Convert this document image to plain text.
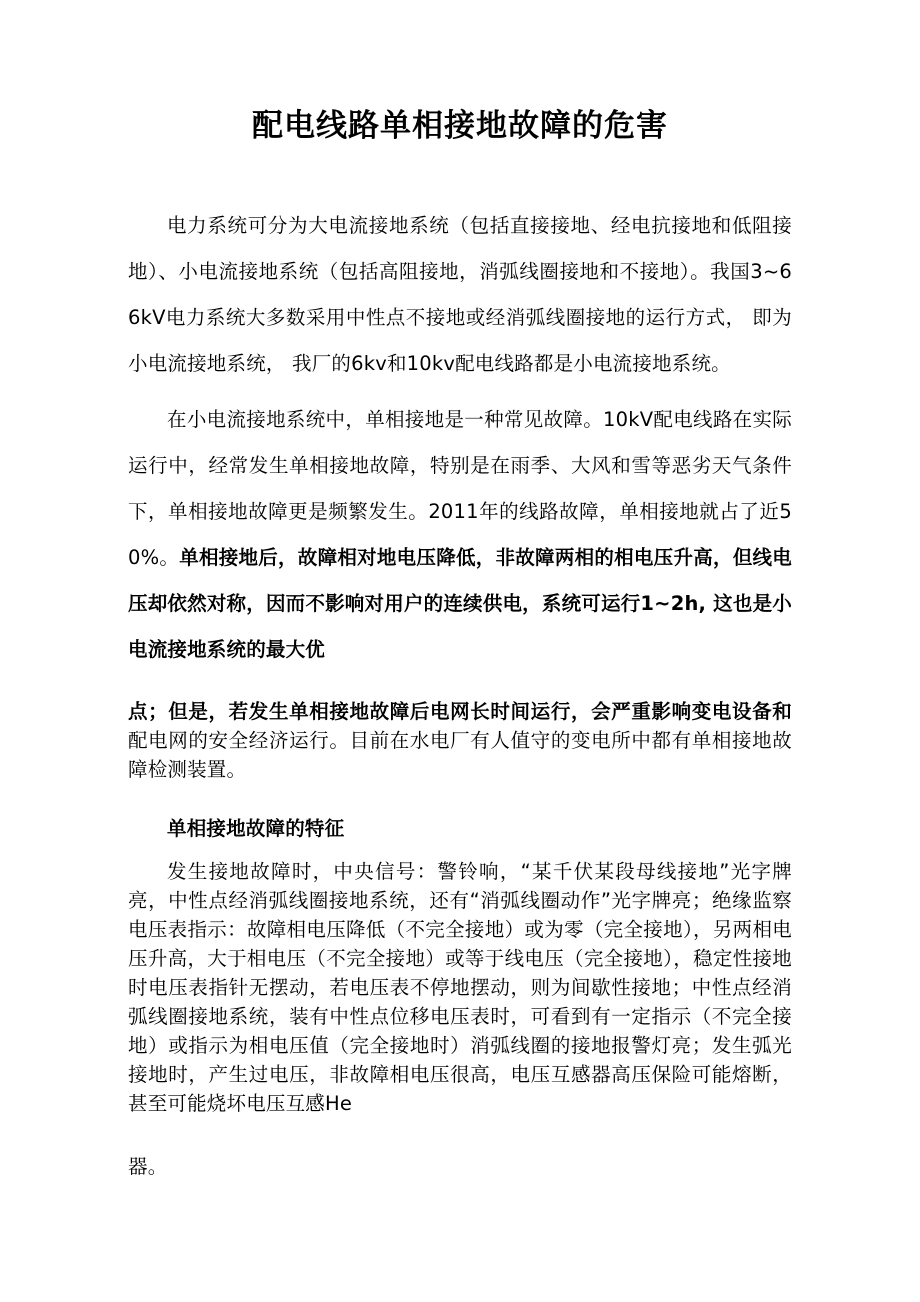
配电线路单相接地故障的危害

电力系统可分为大电流接地系统（包括直接接地、经电抗接地和低阻接地）、小电流接地系统（包括高阻接地，消弧线圈接地和不接地）。我国3~66kV电力系统大多数采用中性点不接地或经消弧线圈接地的运行方式， 即为小电流接地系统， 我厂的6kv和10kv配电线路都是小电流接地系统。

在小电流接地系统中，单相接地是一种常见故障。10kV配电线路在实际运行中，经常发生单相接地故障，特别是在雨季、大风和雪等恶劣天气条件下，单相接地故障更是频繁发生。2011年的线路故障，单相接地就占了近50%。单相接地后，故障相对地电压降低，非故障两相的相电压升高，但线电压却依然对称，因而不影响对用户的连续供电，系统可运行1~2h, 这也是小电流接地系统的最大优

点；但是，若发生单相接地故障后电网长时间运行，会严重影响变电设备和配电网的安全经济运行。目前在水电厂有人值守的变电所中都有单相接地故障检测装置。

单相接地故障的特征

发生接地故障时，中央信号：警铃响，“某千伏某段母线接地”光字牌亮，中性点经消弧线圈接地系统，还有“消弧线圈动作”光字牌亮；绝缘监察电压表指示：故障相电压降低（不完全接地）或为零（完全接地），另两相电压升高，大于相电压（不完全接地）或等于线电压（完全接地），稳定性接地时电压表指针无摆动，若电压表不停地摆动，则为间歇性接地；中性点经消弧线圈接地系统，装有中性点位移电压表时，可看到有一定指示（不完全接地）或指示为相电压值（完全接地时）消弧线圈的接地报警灯亮；发生弧光接地时，产生过电压，非故障相电压很高，电压互感器高压保险可能熔断，甚至可能烧坏电压互感He

器。
